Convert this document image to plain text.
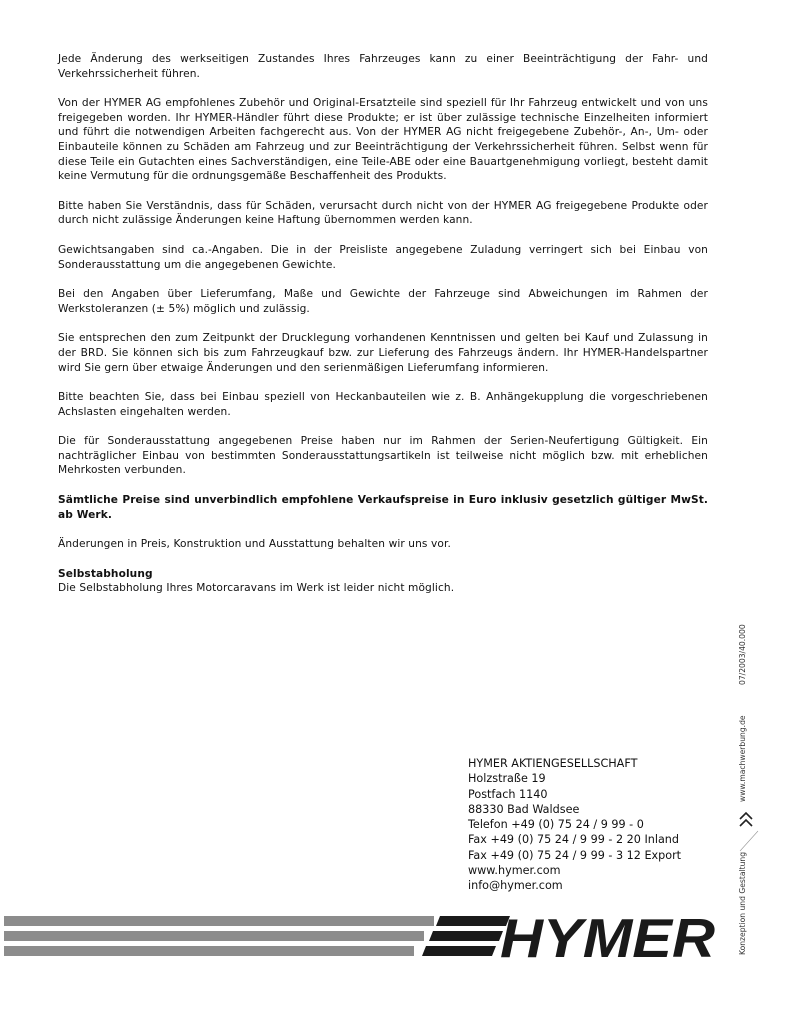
Jede Änderung des werkseitigen Zustandes Ihres Fahrzeuges kann zu einer Beeinträchtigung der Fahr- und Verkehrssicherheit führen.

Von der HYMER AG empfohlenes Zubehör und Original-Ersatzteile sind speziell für Ihr Fahrzeug entwickelt und von uns freigegeben worden. Ihr HYMER-Händler führt diese Produkte; er ist über zulässige technische Einzelheiten informiert und führt die notwendigen Arbeiten fachgerecht aus. Von der HYMER AG nicht freigegebene Zubehör-, An-, Um- oder Einbauteile können zu Schäden am Fahrzeug und zur Beeinträchtigung der Verkehrssicherheit führen. Selbst wenn für diese Teile ein Gutachten eines Sachverständigen, eine Teile-ABE oder eine Bauartgenehmigung vorliegt, besteht damit keine Vermutung für die ordnungsgemäße Beschaffenheit des Produkts.

Bitte haben Sie Verständnis, dass für Schäden, verursacht durch nicht von der HYMER AG freigegebene Produkte oder durch nicht zulässige Änderungen keine Haftung übernommen werden kann.

Gewichtsangaben sind ca.-Angaben. Die in der Preisliste angegebene Zuladung verringert sich bei Einbau von Sonderausstattung um die angegebenen Gewichte.

Bei den Angaben über Lieferumfang, Maße und Gewichte der Fahrzeuge sind Abweichungen im Rahmen der Werkstoleranzen (± 5%) möglich und zulässig.

Sie entsprechen den zum Zeitpunkt der Drucklegung vorhandenen Kenntnissen und gelten bei Kauf und Zulassung in der BRD. Sie können sich bis zum Fahrzeugkauf bzw. zur Lieferung des Fahrzeugs ändern. Ihr HYMER-Handelspartner wird Sie gern über etwaige Änderungen und den serienmäßigen Lieferumfang informieren.

Bitte beachten Sie, dass bei Einbau speziell von Heckanbauteilen wie z. B. Anhängekupplung die vorgeschriebenen Achslasten eingehalten werden.

Die für Sonderausstattung angegebenen Preise haben nur im Rahmen der Serien-Neufertigung Gültigkeit. Ein nachträglicher Einbau von bestimmten Sonderausstattungsartikeln ist teilweise nicht möglich bzw. mit erheblichen Mehrkosten verbunden.

Sämtliche Preise sind unverbindlich empfohlene Verkaufspreise in Euro inklusiv gesetzlich gültiger MwSt. ab Werk.

Änderungen in Preis, Konstruktion und Ausstattung behalten wir uns vor.

Selbstabholung

Die Selbstabholung Ihres Motorcaravans im Werk ist leider nicht möglich.

HYMER AKTIENGESELLSCHAFT
Holzstraße 19
Postfach 1140
88330 Bad Waldsee
Telefon +49 (0) 75 24 / 9 99 - 0
Fax +49 (0) 75 24 / 9 99 - 2 20 Inland
Fax +49 (0) 75 24 / 9 99 - 3 12 Export
www.hymer.com
info@hymer.com
07/2003/40.000
www.machwerbung.de
Konzeption und Gestaltung
HYMER
